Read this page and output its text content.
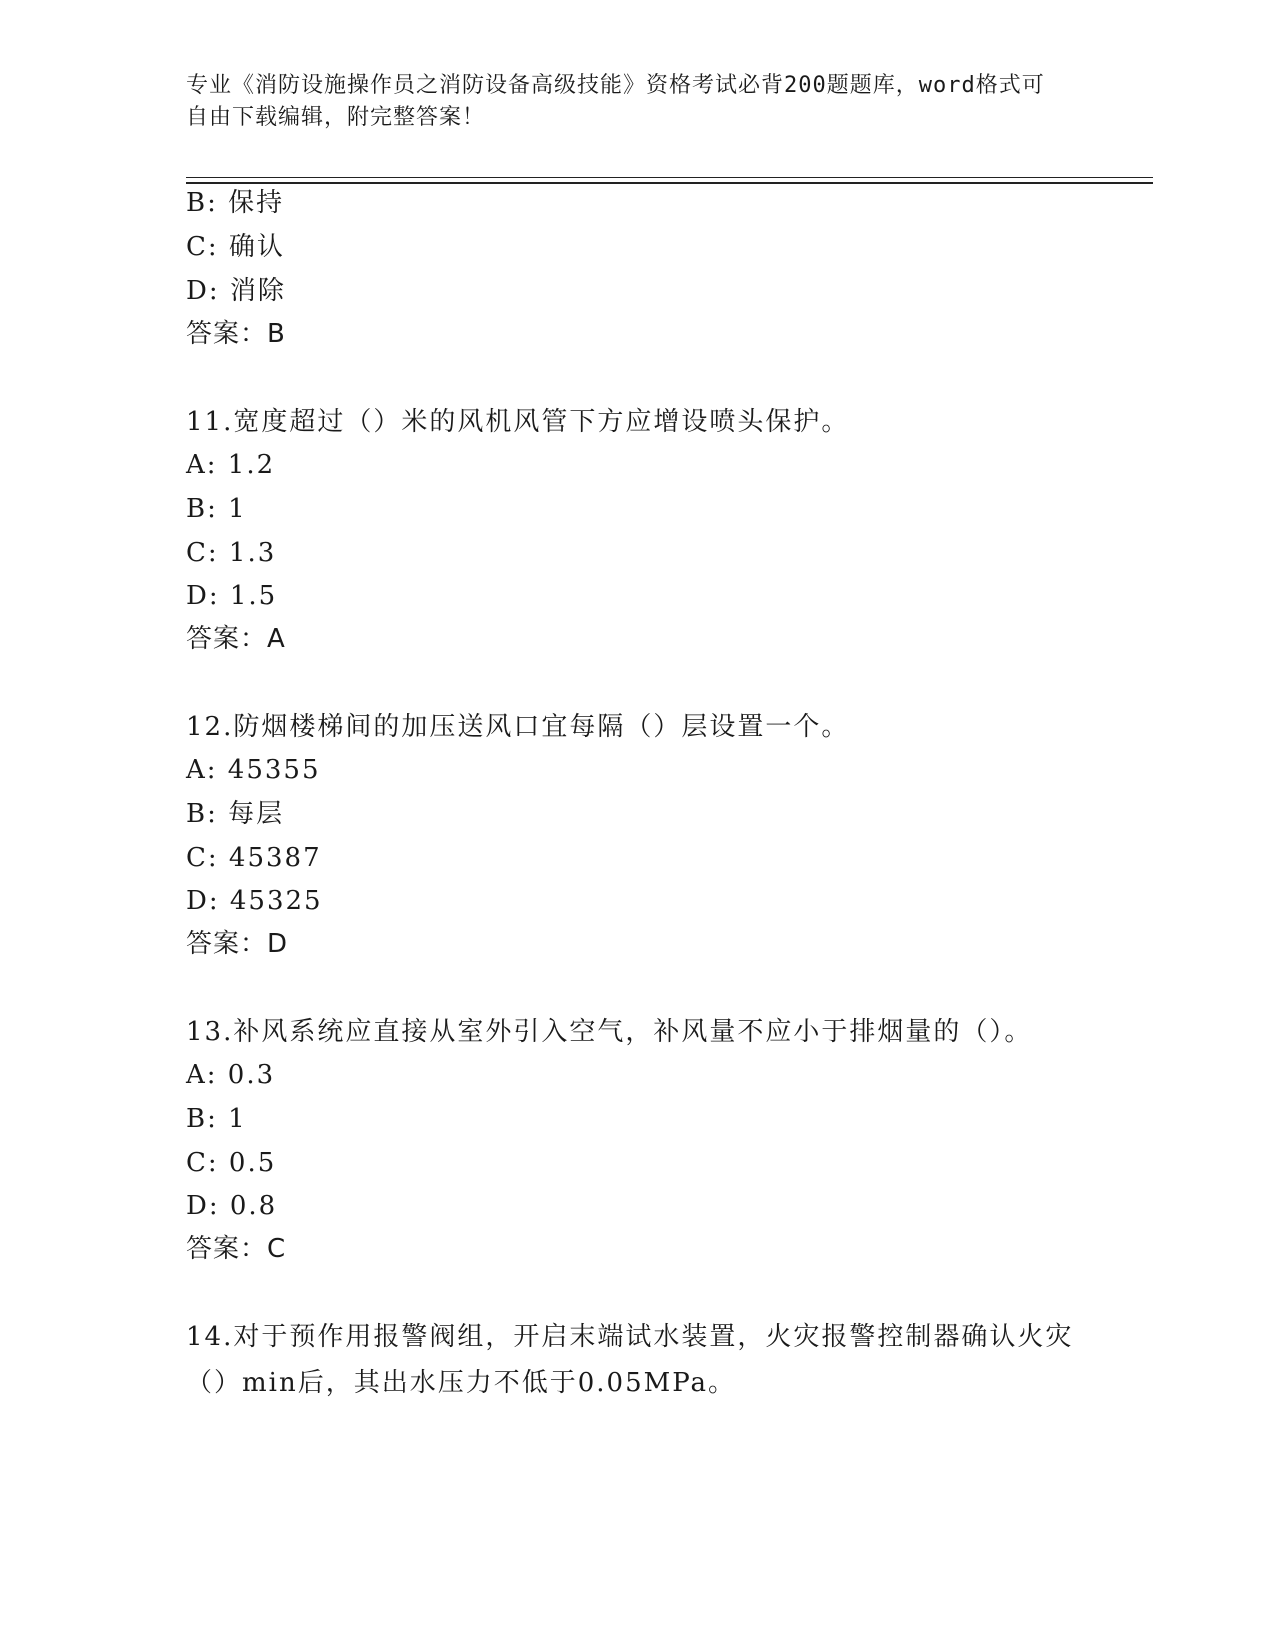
专业《消防设施操作员之消防设备高级技能》资格考试必背200题题库，word格式可自由下载编辑，附完整答案！
B: 保持
C: 确认
D: 消除
答案：B
11.宽度超过（）米的风机风管下方应增设喷头保护。
A: 1.2
B: 1
C: 1.3
D: 1.5
答案：A
12.防烟楼梯间的加压送风口宜每隔（）层设置一个。
A: 45355
B: 每层
C: 45387
D: 45325
答案：D
13.补风系统应直接从室外引入空气，补风量不应小于排烟量的（）。
A: 0.3
B: 1
C: 0.5
D: 0.8
答案：C
14.对于预作用报警阀组，开启末端试水装置，火灾报警控制器确认火灾（）min后，其出水压力不低于0.05MPa。
